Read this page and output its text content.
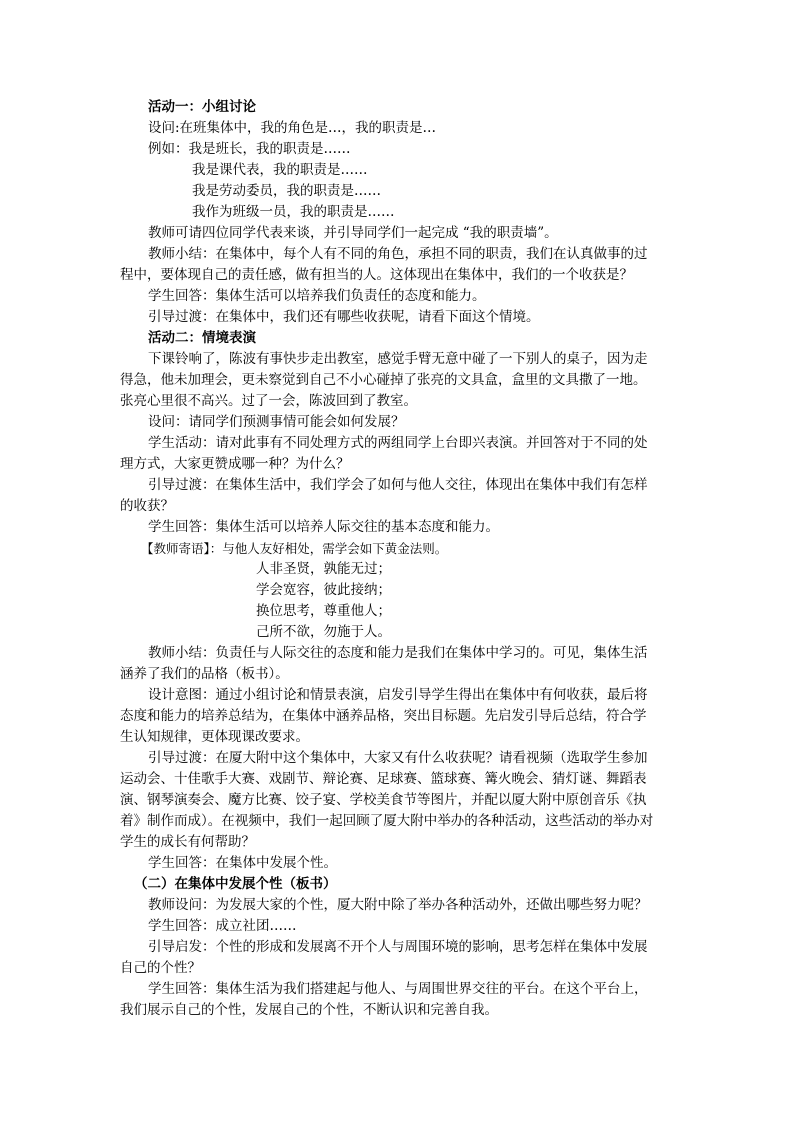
活动一：小组讨论
设问:在班集体中，我的角色是…，我的职责是…
例如：我是班长，我的职责是……
我是课代表，我的职责是……
我是劳动委员，我的职责是……
我作为班级一员，我的职责是……
教师可请四位同学代表来谈，并引导同学们一起完成 “我的职责墙”。
教师小结：在集体中，每个人有不同的角色，承担不同的职责，我们在认真做事的过
程中，要体现自己的责任感，做有担当的人。这体现出在集体中，我们的一个收获是？
学生回答：集体生活可以培养我们负责任的态度和能力。
引导过渡：在集体中，我们还有哪些收获呢，请看下面这个情境。
活动二：情境表演
下课铃响了，陈波有事快步走出教室，感觉手臂无意中碰了一下别人的桌子，因为走
得急，他未加理会，更未察觉到自己不小心碰掉了张亮的文具盒，盒里的文具撒了一地。
张亮心里很不高兴。过了一会，陈波回到了教室。
设问：请同学们预测事情可能会如何发展？
学生活动：请对此事有不同处理方式的两组同学上台即兴表演。并回答对于不同的处
理方式，大家更赞成哪一种？为什么？
引导过渡：在集体生活中，我们学会了如何与他人交往，体现出在集体中我们有怎样
的收获？
学生回答：集体生活可以培养人际交往的基本态度和能力。
【教师寄语】：与他人友好相处，需学会如下黄金法则。
人非圣贤，孰能无过；
学会宽容，彼此接纳；
换位思考，尊重他人；
己所不欲，勿施于人。
教师小结：负责任与人际交往的态度和能力是我们在集体中学习的。可见，集体生活
涵养了我们的品格（板书）。
设计意图：通过小组讨论和情景表演，启发引导学生得出在集体中有何收获，最后将
态度和能力的培养总结为，在集体中涵养品格，突出目标题。先启发引导后总结，符合学
生认知规律，更体现课改要求。
引导过渡：在厦大附中这个集体中，大家又有什么收获呢？请看视频（选取学生参加
运动会、十佳歌手大赛、戏剧节、辩论赛、足球赛、篮球赛、篝火晚会、猜灯谜、舞蹈表
演、钢琴演奏会、魔方比赛、饺子宴、学校美食节等图片，并配以厦大附中原创音乐《执
着》制作而成）。在视频中，我们一起回顾了厦大附中举办的各种活动，这些活动的举办对
学生的成长有何帮助？
学生回答：在集体中发展个性。
（二）在集体中发展个性（板书）
教师设问：为发展大家的个性，厦大附中除了举办各种活动外，还做出哪些努力呢？
学生回答：成立社团……
引导启发：个性的形成和发展离不开个人与周围环境的影响，思考怎样在集体中发展
自己的个性？
学生回答：集体生活为我们搭建起与他人、与周围世界交往的平台。在这个平台上，
我们展示自己的个性，发展自己的个性，不断认识和完善自我。
